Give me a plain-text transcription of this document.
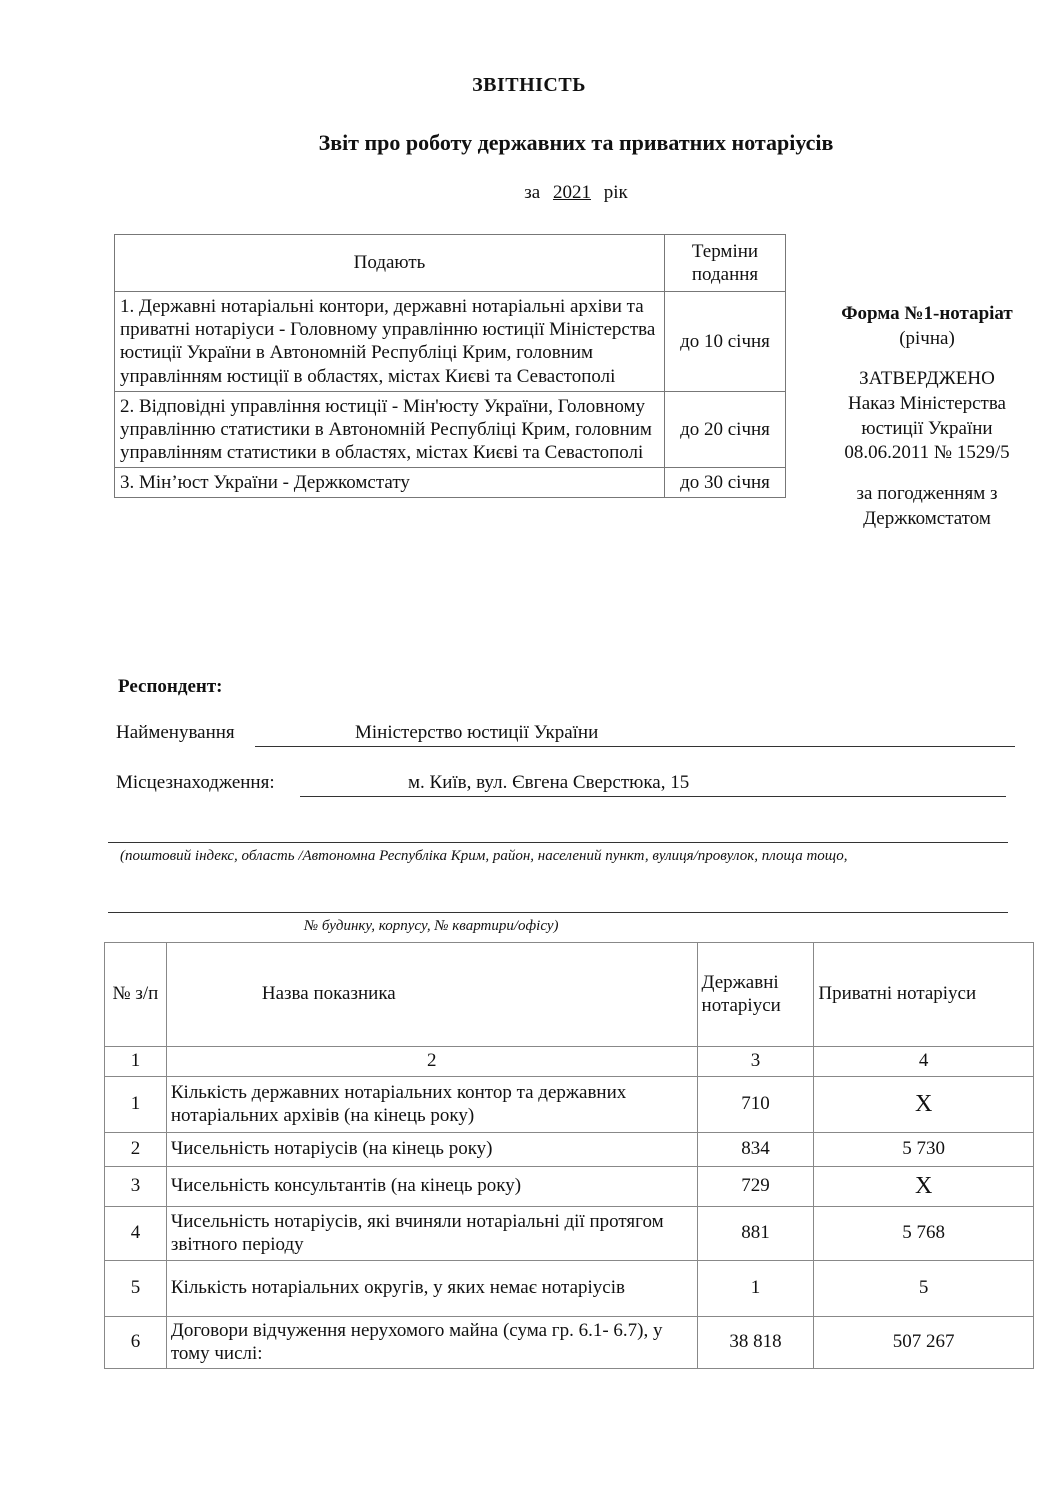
ЗВІТНІСТЬ
Звіт про роботу державних та приватних нотаріусів
за 2021 рік
Подають	Терміни подання
1. Державні нотаріальні контори, державні нотаріальні архіви та приватні нотаріуси - Головному управлінню юстиції Міністерства юстиції України в Автономній Республіці Крим, головним управлінням юстиції в областях, містах Києві та Севастополі	до 10 січня
2. Відповідні управління юстиції - Мін'юсту України, Головному управлінню статистики в Автономній Республіці Крим, головним управлінням статистики в областях, містах Києві та Севастополі	до 20 січня
3. Мін’юст України - Держкомстату	до 30 січня
Форма №1-нотаріат
(річна)
ЗАТВЕРДЖЕНО
Наказ Міністерства
юстиції України
08.06.2011 № 1529/5
за погодженням з
Держкомстатом
Респондент:
Найменування	Міністерство юстиції України
Місцезнаходження:	м. Київ, вул. Євгена Сверстюка, 15
(поштовий індекс, область /Автономна Республіка Крим, район, населений пункт, вулиця/провулок, площа тощо,
№ будинку, корпусу, № квартири/офісу)
№ з/п	Назва показника	Державні нотаріуси	Приватні нотаріуси
1	2	3	4
1	Кількість державних нотаріальних контор та державних нотаріальних архівів (на кінець року)	710	Х
2	Чисельність нотаріусів (на кінець року)	834	5 730
3	Чисельність консультантів (на кінець року)	729	Х
4	Чисельність нотаріусів, які вчиняли нотаріальні дії протягом звітного періоду	881	5 768
5	Кількість нотаріальних округів, у яких немає нотаріусів	1	5
6	Договори відчуження нерухомого майна (сума гр. 6.1- 6.7), у тому числі:	38 818	507 267
